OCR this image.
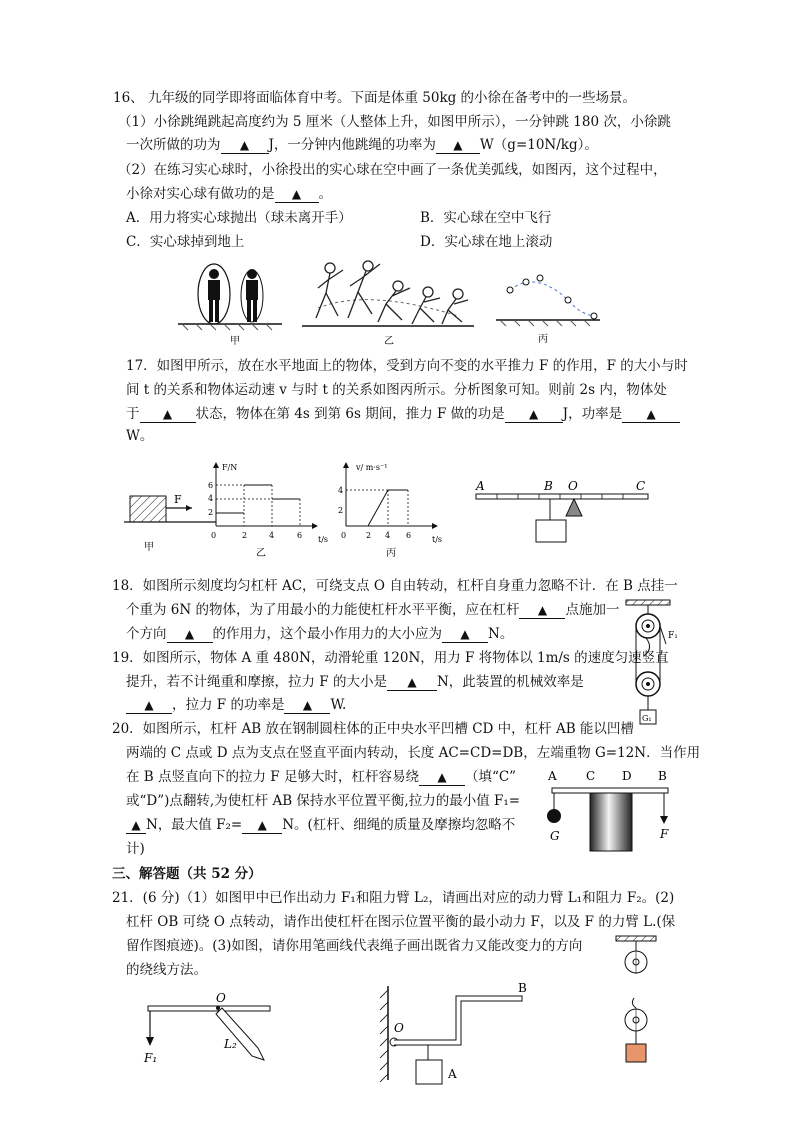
16、 九年级的同学即将面临体育中考。下面是体重 50kg 的小徐在备考中的一些场景。
（1）小徐跳绳跳起高度约为 5 厘米（人整体上升，如图甲所示），一分钟跳 180 次，小徐跳
一次所做的功为 ▲ J，一分钟内他跳绳的功率为 ▲ W（g=10N/kg）。
（2）在练习实心球时，小徐投出的实心球在空中画了一条优美弧线，如图丙，这个过程中，
小徐对实心球有做功的是 ▲ 。
A．用力将实心球抛出（球未离开手）	B．实心球在空中飞行
C．实心球掉到地上	D．实心球在地上滚动
甲	乙	丙
17．如图甲所示，放在水平地面上的物体，受到方向不变的水平推力 F 的作用，F 的大小与时
间 t 的关系和物体运动速 v 与时 t 的关系如图丙所示。分析图象可知。则前 2s 内，物体处
于 ▲ 状态，物体在第 4s 到第 6s 期间，推力 F 做的功是 ▲ J，功率是 ▲
W。
F
甲
F/N
t/s
6
4
2
0	2	4	6
乙
v/ m·s⁻¹
t/s
4
2
0 2 4 6
丙
A	B O	C
18．如图所示刻度均匀杠杆 AC，可绕支点 O 自由转动，杠杆自身重力忽略不计．在 B 点挂一
个重为 6N 的物体，为了用最小的力能使杠杆水平平衡，应在杠杆 ▲ 点施加一
个方向 ▲ 的作用力，这个最小作用力的大小应为 ▲ N。
19．如图所示，物体 A 重 480N，动滑轮重 120N，用力 F 将物体以 1m/s 的速度匀速竖直
提升，若不计绳重和摩擦，拉力 F 的大小是 ▲ N，此装置的机械效率是
▲ ，拉力 F 的功率是 ▲ W.
F₁
G₁
20．如图所示，杠杆 AB 放在钢制圆柱体的正中央水平凹槽 CD 中，杠杆 AB 能以凹槽
两端的 C 点或 D 点为支点在竖直平面内转动，长度 AC=CD=DB，左端重物 G=12N．当作用
在 B 点竖直向下的拉力 F 足够大时，杠杆容易绕 ▲ （填“C”
或“D”)点翻转,为使杠杆 AB 保持水平位置平衡,拉力的最小值 F₁=
▲ N，最大值 F₂= ▲ N。(杠杆、细绳的质量及摩擦均忽略不
计)
A C D B
G	F
三、解答题（共 52 分）
21．(6 分)（1）如图甲中已作出动力 F₁和阻力臂 L₂，请画出对应的动力臂 L₁和阻力 F₂。(2)
杠杆 OB 可绕 O 点转动，请作出使杠杆在图示位置平衡的最小动力 F，以及 F 的力臂 L.(保
留作图痕迹)。(3)如图，请你用笔画线代表绳子画出既省力又能改变力的方向
的绕线方法。
O
F₁
L₂
O
B
A
